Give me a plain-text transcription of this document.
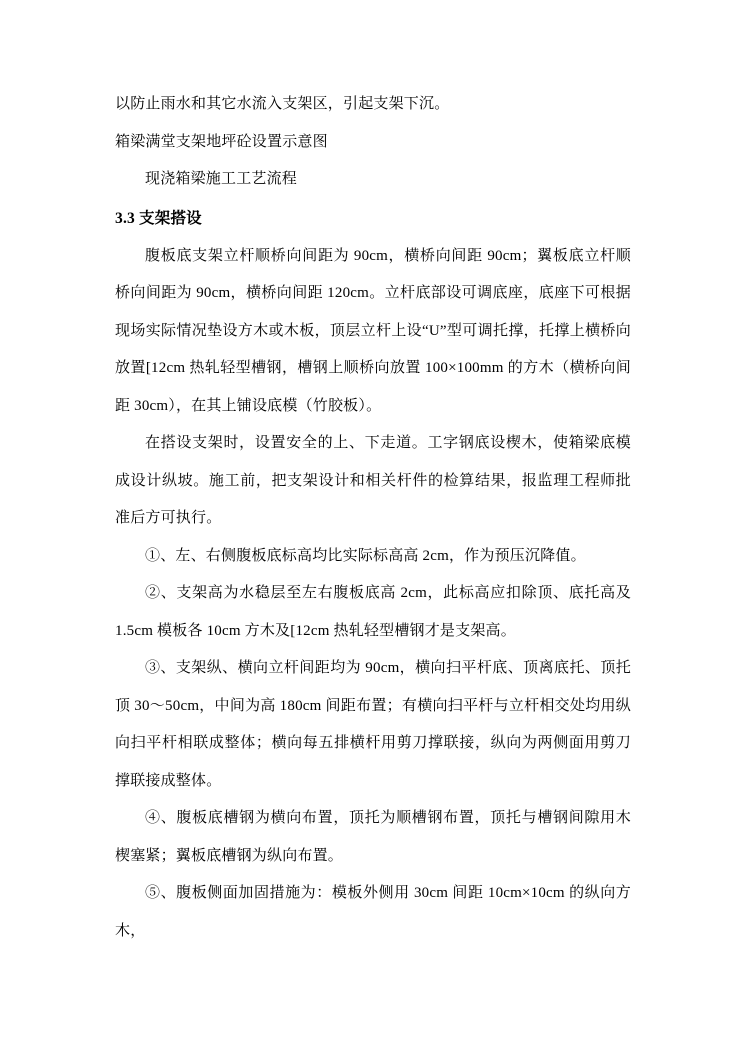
以防止雨水和其它水流入支架区，引起支架下沉。
箱梁满堂支架地坪砼设置示意图
现浇箱梁施工工艺流程
3.3 支架搭设
腹板底支架立杆顺桥向间距为 90cm，横桥向间距 90cm；翼板底立杆顺桥向间距为 90cm，横桥向间距 120cm。立杆底部设可调底座，底座下可根据现场实际情况垫设方木或木板，顶层立杆上设“U”型可调托撑，托撑上横桥向放置[12cm 热轧轻型槽钢，槽钢上顺桥向放置 100×100mm 的方木（横桥向间距 30cm），在其上铺设底模（竹胶板）。
在搭设支架时，设置安全的上、下走道。工字钢底设楔木，使箱梁底模成设计纵坡。施工前，把支架设计和相关杆件的检算结果，报监理工程师批准后方可执行。
①、左、右侧腹板底标高均比实际标高高 2cm，作为预压沉降值。
②、支架高为水稳层至左右腹板底高 2cm，此标高应扣除顶、底托高及 1.5cm 模板各 10cm 方木及[12cm 热轧轻型槽钢才是支架高。
③、支架纵、横向立杆间距均为 90cm，横向扫平杆底、顶离底托、顶托顶 30～50cm，中间为高 180cm 间距布置；有横向扫平杆与立杆相交处均用纵向扫平杆相联成整体；横向每五排横杆用剪刀撑联接，纵向为两侧面用剪刀撑联接成整体。
④、腹板底槽钢为横向布置，顶托为顺槽钢布置，顶托与槽钢间隙用木楔塞紧；翼板底槽钢为纵向布置。
⑤、腹板侧面加固措施为：模板外侧用 30cm 间距 10cm×10cm 的纵向方木，
